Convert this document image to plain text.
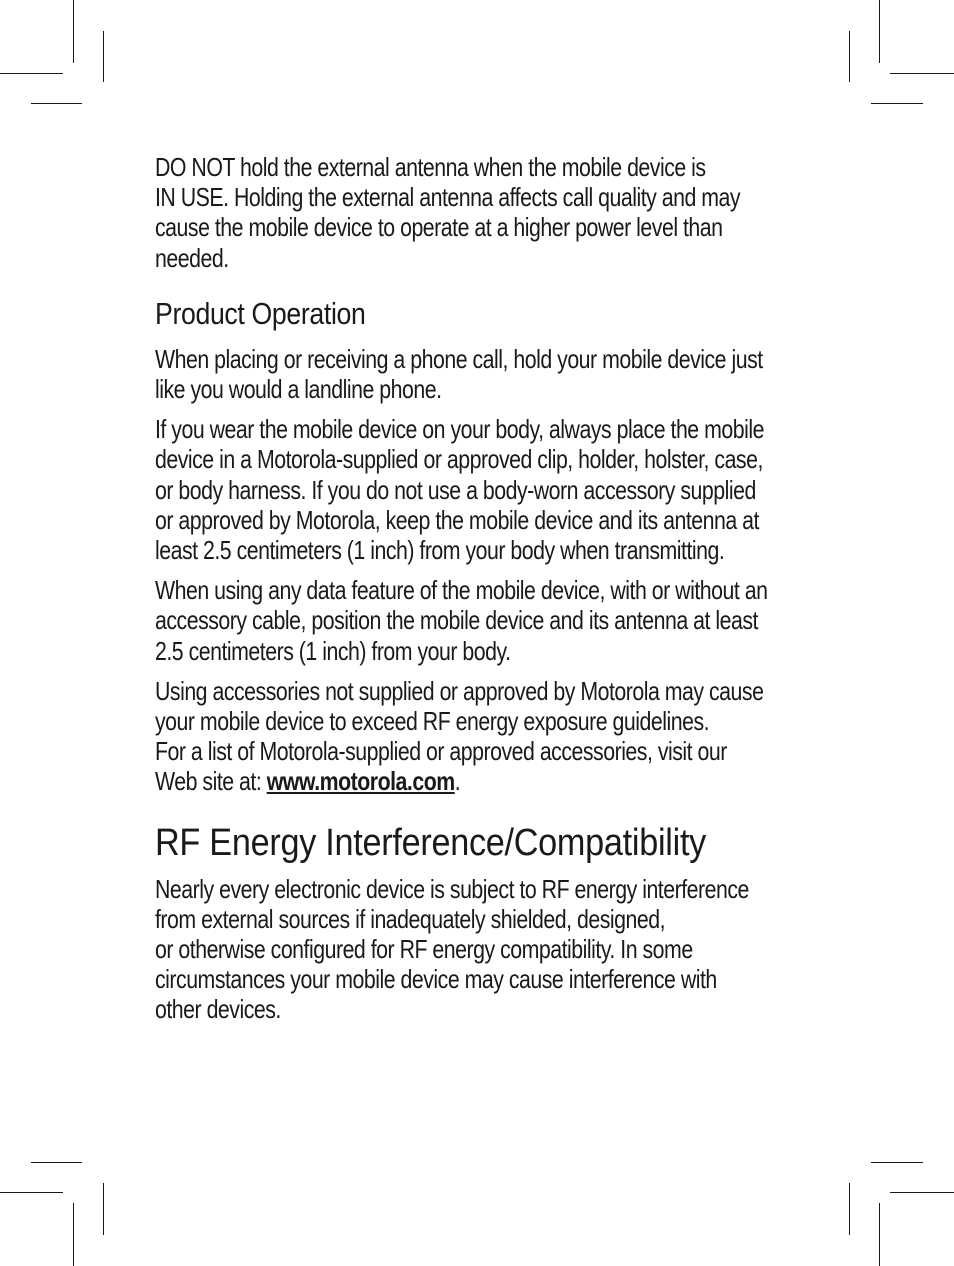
DO NOT hold the external antenna when the mobile device is
IN USE. Holding the external antenna affects call quality and may
cause the mobile device to operate at a higher power level than
needed.

Product Operation

When placing or receiving a phone call, hold your mobile device just
like you would a landline phone.

If you wear the mobile device on your body, always place the mobile
device in a Motorola-supplied or approved clip, holder, holster, case,
or body harness. If you do not use a body-worn accessory supplied
or approved by Motorola, keep the mobile device and its antenna at
least 2.5 centimeters (1 inch) from your body when transmitting.

When using any data feature of the mobile device, with or without an
accessory cable, position the mobile device and its antenna at least
2.5 centimeters (1 inch) from your body.

Using accessories not supplied or approved by Motorola may cause
your mobile device to exceed RF energy exposure guidelines.
For a list of Motorola-supplied or approved accessories, visit our
Web site at: www.motorola.com.

RF Energy Interference/Compatibility

Nearly every electronic device is subject to RF energy interference
from external sources if inadequately shielded, designed,
or otherwise configured for RF energy compatibility. In some
circumstances your mobile device may cause interference with
other devices.
